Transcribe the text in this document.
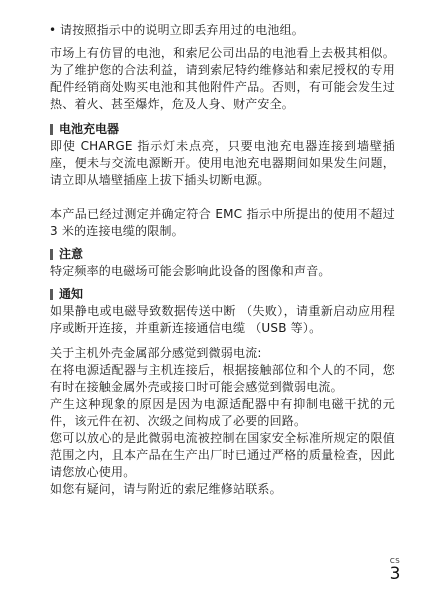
• 请按照指示中的说明立即丢弃用过的电池组。

市场上有仿冒的电池，和索尼公司出品的电池看上去极其相似。为了维护您的合法利益，请到索尼特约维修站和索尼授权的专用配件经销商处购买电池和其他附件产品。否则，有可能会发生过热、着火、甚至爆炸，危及人身、财产安全。

电池充电器

即使 CHARGE 指示灯未点亮，只要电池充电器连接到墙壁插座，便未与交流电源断开。使用电池充电器期间如果发生问题，请立即从墙壁插座上拔下插头切断电源。

本产品已经过测定并确定符合 EMC 指示中所提出的使用不超过 3 米的连接电缆的限制。

注意

特定频率的电磁场可能会影响此设备的图像和声音。

通知

如果静电或电磁导致数据传送中断 （失败），请重新启动应用程序或断开连接，并重新连接通信电缆 （USB 等）。

关于主机外壳金属部分感觉到微弱电流:

在将电源适配器与主机连接后，根据接触部位和个人的不同，您有时在接触金属外壳或接口时可能会感觉到微弱电流。

产生这种现象的原因是因为电源适配器中有抑制电磁干扰的元件，该元件在初、次级之间构成了必要的回路。

您可以放心的是此微弱电流被控制在国家安全标准所规定的限值范围之内，且本产品在生产出厂时已通过严格的质量检查，因此请您放心使用。

如您有疑问，请与附近的索尼维修站联系。

CS
3
